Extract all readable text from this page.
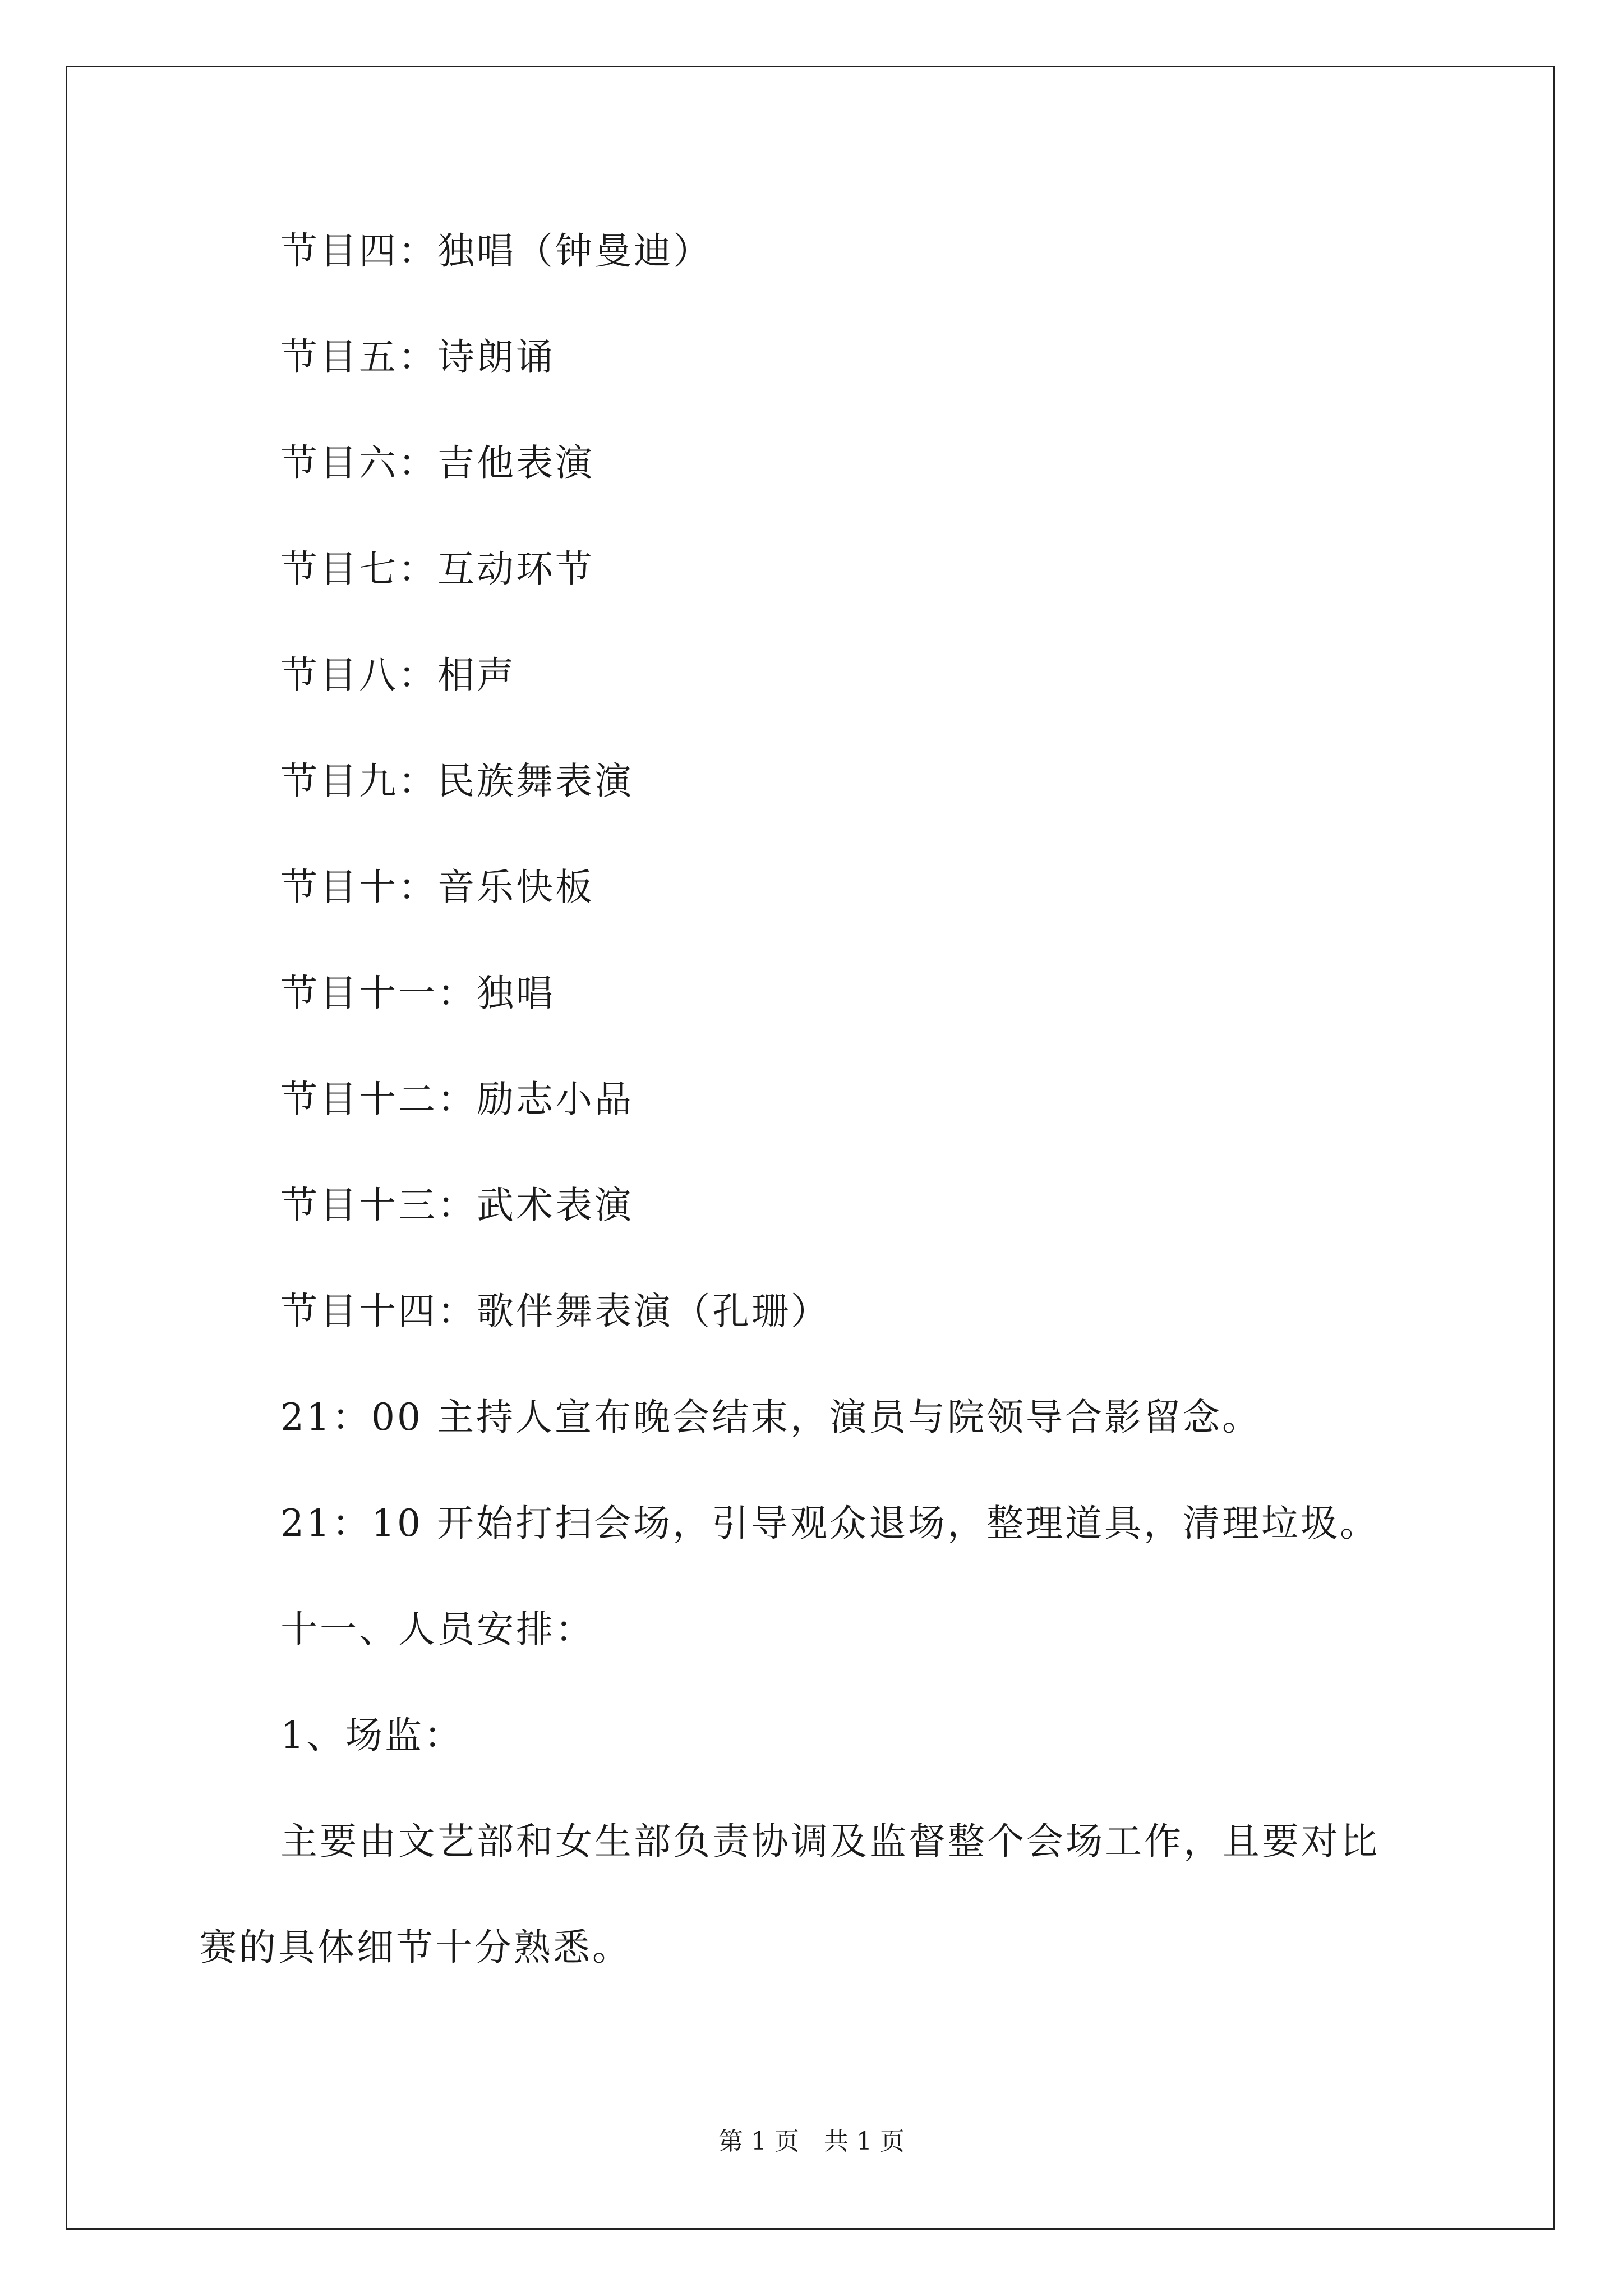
节目四：独唱（钟曼迪）
节目五：诗朗诵
节目六：吉他表演
节目七：互动环节
节目八：相声
节目九：民族舞表演
节目十：音乐快板
节目十一：独唱
节目十二：励志小品
节目十三：武术表演
节目十四：歌伴舞表演（孔珊）
21：00 主持人宣布晚会结束，演员与院领导合影留念。
21：10 开始打扫会场，引导观众退场，整理道具，清理垃圾。
十一、人员安排：
1、场监：
主要由文艺部和女生部负责协调及监督整个会场工作，且要对比
赛的具体细节十分熟悉。
第 1 页　共 1 页
